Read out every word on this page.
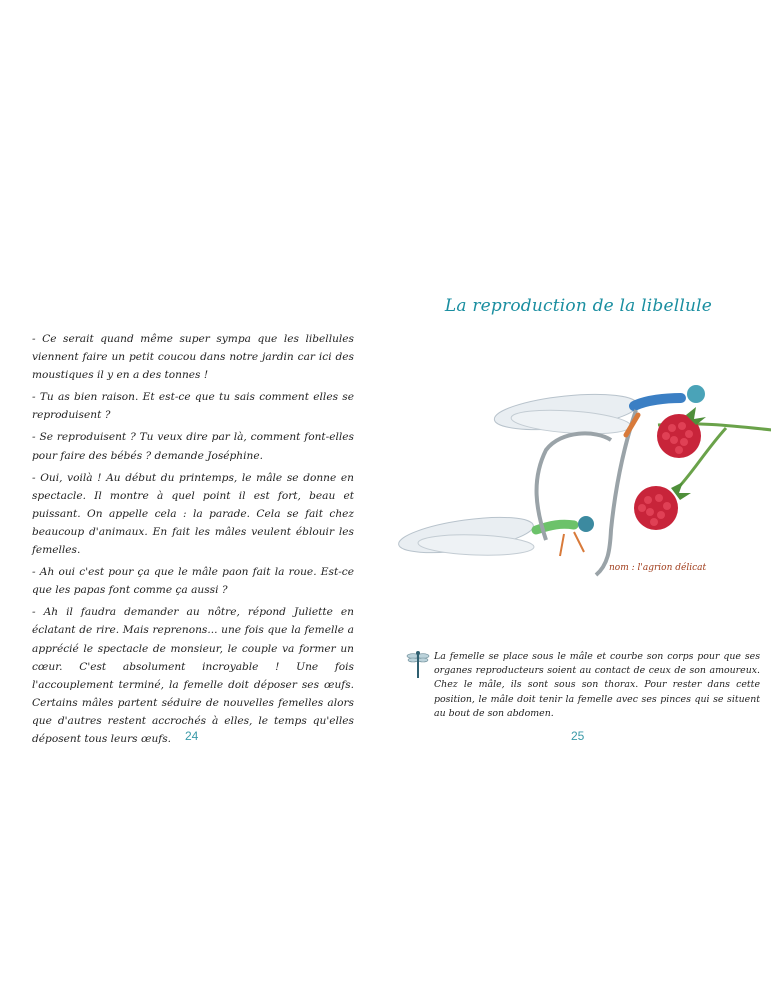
- Ce serait quand même super sympa que les libellules viennent faire un petit coucou dans notre jardin car ici des moustiques il y en a des tonnes !

- Tu as bien raison. Et est-ce que tu sais comment elles se reproduisent ?

- Se reproduisent ? Tu veux dire par là, comment font-elles pour faire des bébés ? demande Joséphine.

- Oui, voilà ! Au début du printemps, le mâle se donne en spectacle. Il montre à quel point il est fort, beau et puissant. On appelle cela : la parade. Cela se fait chez beaucoup d'animaux. En fait les mâles veulent éblouir les femelles.

- Ah oui c'est pour ça que le mâle paon fait la roue. Est-ce que les papas font comme ça aussi ?

- Ah il faudra demander au nôtre, répond Juliette en éclatant de rire. Mais reprenons... une fois que la femelle a apprécié le spectacle de monsieur, le couple va former un cœur. C'est absolument incroyable ! Une fois l'accouplement terminé, la femelle doit déposer ses œufs. Certains mâles partent séduire de nouvelles femelles alors que d'autres restent accrochés à elles, le temps qu'elles déposent tous leurs œufs.	24
La reproduction de la libellule
nom : l'agrion délicat
La femelle se place sous le mâle et courbe son corps pour que ses organes reproducteurs soient au contact de ceux de son amoureux. Chez le mâle, ils sont sous son thorax. Pour rester dans cette position, le mâle doit tenir la femelle avec ses pinces qui se situent au bout de son abdomen.
25
